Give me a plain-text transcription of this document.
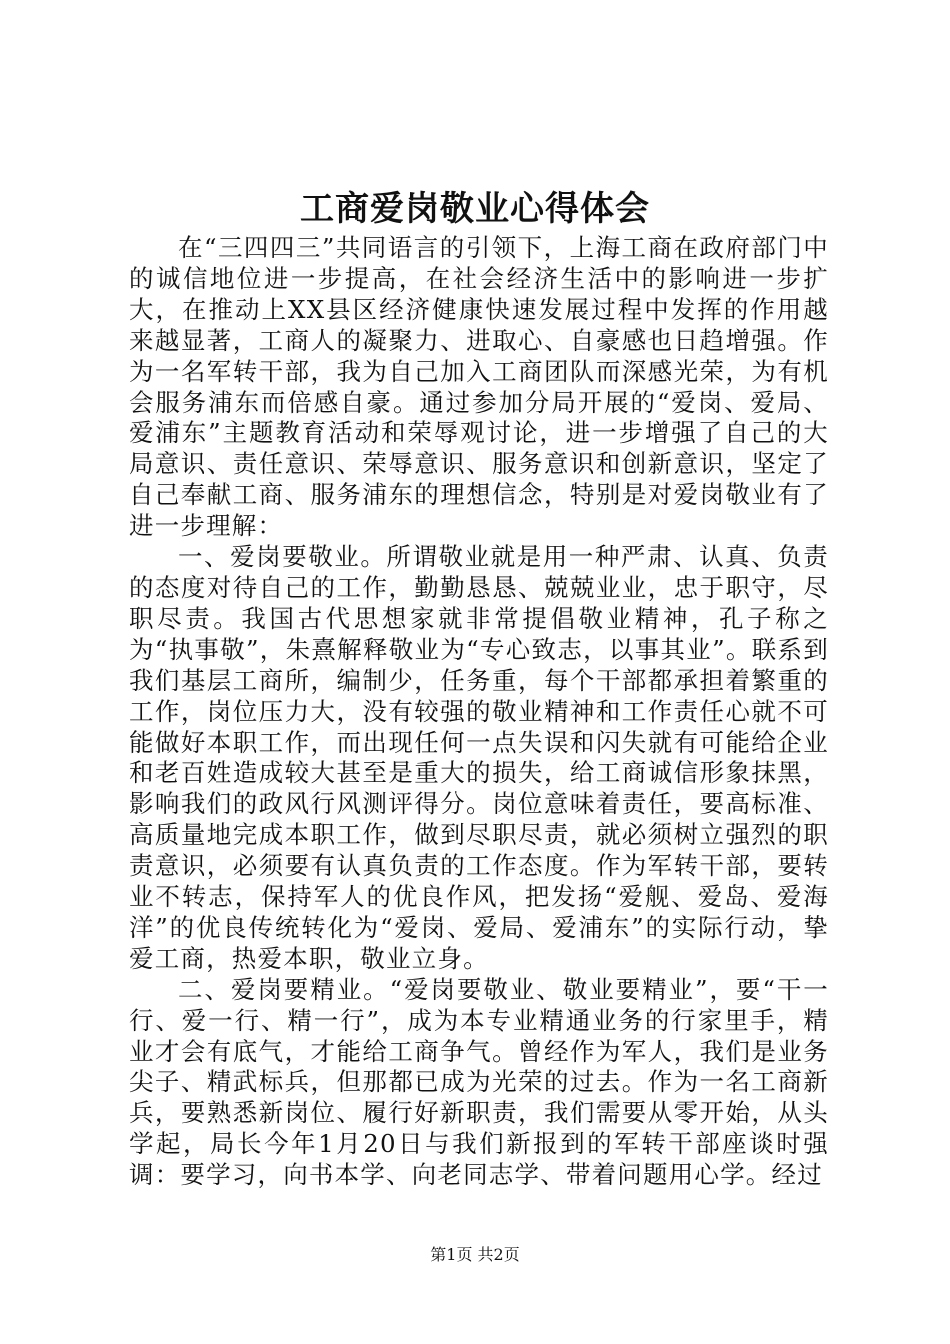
工商爱岗敬业心得体会

在“三四四三”共同语言的引领下，上海工商在政府部门中的诚信地位进一步提高，在社会经济生活中的影响进一步扩大，在推动上XX县区经济健康快速发展过程中发挥的作用越来越显著，工商人的凝聚力、进取心、自豪感也日趋增强。作为一名军转干部，我为自己加入工商团队而深感光荣，为有机会服务浦东而倍感自豪。通过参加分局开展的“爱岗、爱局、爱浦东”主题教育活动和荣辱观讨论，进一步增强了自己的大局意识、责任意识、荣辱意识、服务意识和创新意识，坚定了自己奉献工商、服务浦东的理想信念，特别是对爱岗敬业有了进一步理解：

一、爱岗要敬业。所谓敬业就是用一种严肃、认真、负责的态度对待自己的工作，勤勤恳恳、兢兢业业，忠于职守，尽职尽责。我国古代思想家就非常提倡敬业精神，孔子称之为“执事敬”，朱熹解释敬业为“专心致志，以事其业”。联系到我们基层工商所，编制少，任务重，每个干部都承担着繁重的工作，岗位压力大，没有较强的敬业精神和工作责任心就不可能做好本职工作，而出现任何一点失误和闪失就有可能给企业和老百姓造成较大甚至是重大的损失，给工商诚信形象抹黑，影响我们的政风行风测评得分。岗位意味着责任，要高标准、高质量地完成本职工作，做到尽职尽责，就必须树立强烈的职责意识，必须要有认真负责的工作态度。作为军转干部，要转业不转志，保持军人的优良作风，把发扬“爱舰、爱岛、爱海洋”的优良传统转化为“爱岗、爱局、爱浦东”的实际行动，挚爱工商，热爱本职，敬业立身。

二、爱岗要精业。“爱岗要敬业、敬业要精业”，要“干一行、爱一行、精一行”，成为本专业精通业务的行家里手，精业才会有底气，才能给工商争气。曾经作为军人，我们是业务尖子、精武标兵，但那都已成为光荣的过去。作为一名工商新兵，要熟悉新岗位、履行好新职责，我们需要从零开始，从头学起，局长今年1月20日与我们新报到的军转干部座谈时强调：要学习，向书本学、向老同志学、带着问题用心学。经过

第1页 共2页
